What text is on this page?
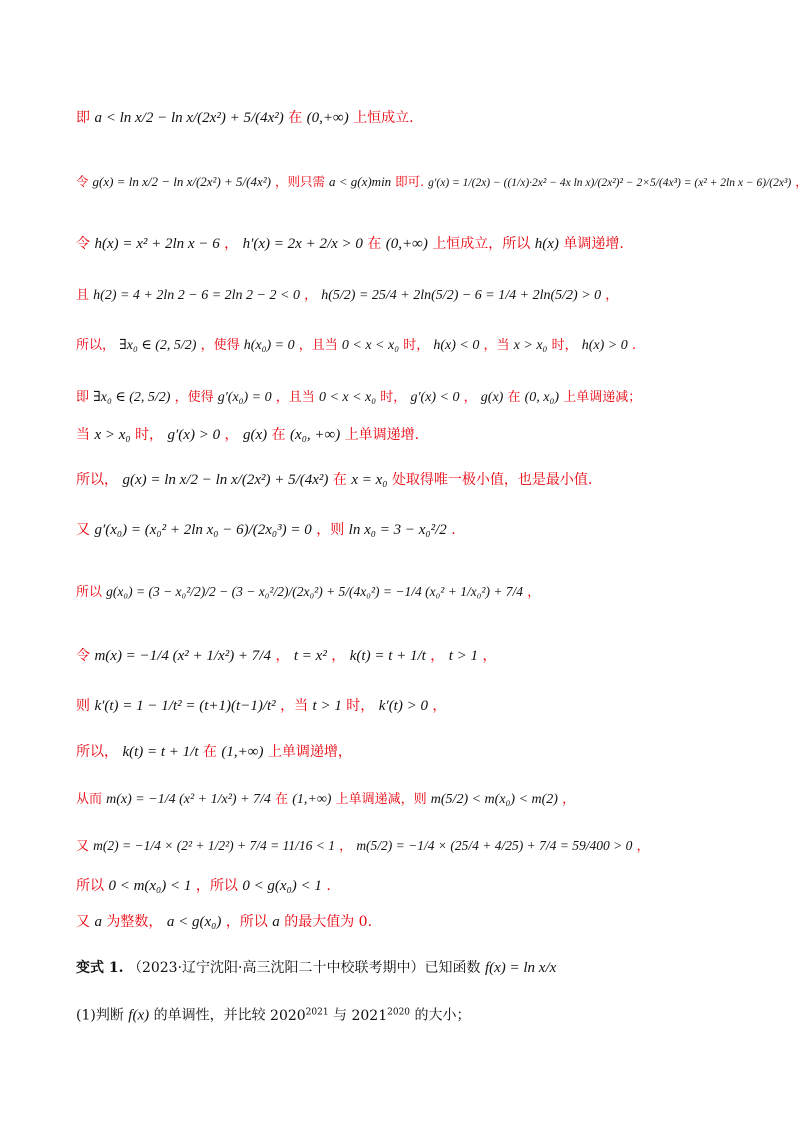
即 a < ln x/2 − ln x/(2x²) + 5/(4x²) 在 (0,+∞) 上恒成立.
令 g(x) = ln x/2 − ln x/(2x²) + 5/(4x²) ，则只需 a < g(x)min 即可. g′(x) = 1/(2x) − ((1/x)·2x² − 4x ln x)/(2x²)² − 2×5/(4x³) = (x² + 2ln x − 6)/(2x³) ，
令 h(x) = x² + 2ln x − 6 ， h′(x) = 2x + 2/x > 0 在 (0,+∞) 上恒成立，所以 h(x) 单调递增.
且 h(2) = 4 + 2ln 2 − 6 = 2ln 2 − 2 < 0 ， h(5/2) = 25/4 + 2ln(5/2) − 6 = 1/4 + 2ln(5/2) > 0 ，
所以， ∃x₀ ∈ (2, 5/2) ，使得 h(x₀) = 0 ，且当 0 < x < x₀ 时， h(x) < 0 ，当 x > x₀ 时， h(x) > 0 .
即 ∃x₀ ∈ (2, 5/2) ，使得 g′(x₀) = 0 ，且当 0 < x < x₀ 时， g′(x) < 0 ， g(x) 在 (0, x₀) 上单调递减；
当 x > x₀ 时， g′(x) > 0 ， g(x) 在 (x₀, +∞) 上单调递增.
所以， g(x) = ln x/2 − ln x/(2x²) + 5/(4x²) 在 x = x₀ 处取得唯一极小值，也是最小值.
又 g′(x₀) = (x₀² + 2ln x₀ − 6)/(2x₀³) = 0 ，则 ln x₀ = 3 − x₀²/2 .
所以 g(x₀) = (3 − x₀²/2)/2 − (3 − x₀²/2)/(2x₀²) + 5/(4x₀²) = −1/4 (x₀² + 1/x₀²) + 7/4 ，
令 m(x) = −1/4 (x² + 1/x²) + 7/4 ， t = x² ， k(t) = t + 1/t ， t > 1 ，
则 k′(t) = 1 − 1/t² = (t+1)(t−1)/t² ，当 t > 1 时， k′(t) > 0 ，
所以， k(t) = t + 1/t 在 (1,+∞) 上单调递增，
从而 m(x) = −1/4 (x² + 1/x²) + 7/4 在 (1,+∞) 上单调递减，则 m(5/2) < m(x₀) < m(2) ，
又 m(2) = −1/4 × (2² + 1/2²) + 7/4 = 11/16 < 1 ， m(5/2) = −1/4 × (25/4 + 4/25) + 7/4 = 59/400 > 0 ，
所以 0 < m(x₀) < 1 ，所以 0 < g(x₀) < 1 .
又 a 为整数， a < g(x₀) ，所以 a 的最大值为 0.
变式 1. （2023·辽宁沈阳·高三沈阳二十中校联考期中）已知函数 f(x) = ln x/x
(1)判断 f(x) 的单调性，并比较 $2020^{2021}$ 与 $2021^{2020}$ 的大小；
